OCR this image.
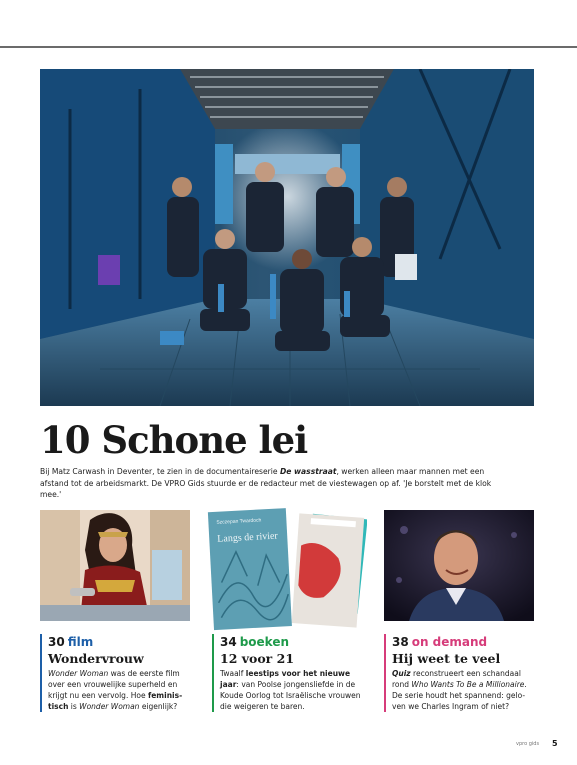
10 Schone lei

Bij Matz Carwash in Deventer, te zien in de documentaireserie De wasstraat, werken alleen maar mannen met een afstand tot de arbeidsmarkt. De VPRO Gids stuurde er de redacteur met de viestewagen op af. 'Je borstelt met de klok mee.'

Szczepan Twardoch
Langs de rivier

30 film

Wondervrouw

Wonder Woman was de eerste film over een vrouwelijke superheld en krijgt nu een vervolg. Hoe feminis-tisch is Wonder Woman eigenlijk?

34 boeken

12 voor 21

Twaalf leestips voor het nieuwe jaar: van Poolse jongensliefde in de Koude Oorlog tot Israëlische vrouwen die weigeren te baren.

38 on demand

Hij weet te veel

Quiz reconstrueert een schandaal rond Who Wants To Be a Millionaire. De serie houdt het spannend: gelo-ven we Charles Ingram of niet?

vpro gids 5
